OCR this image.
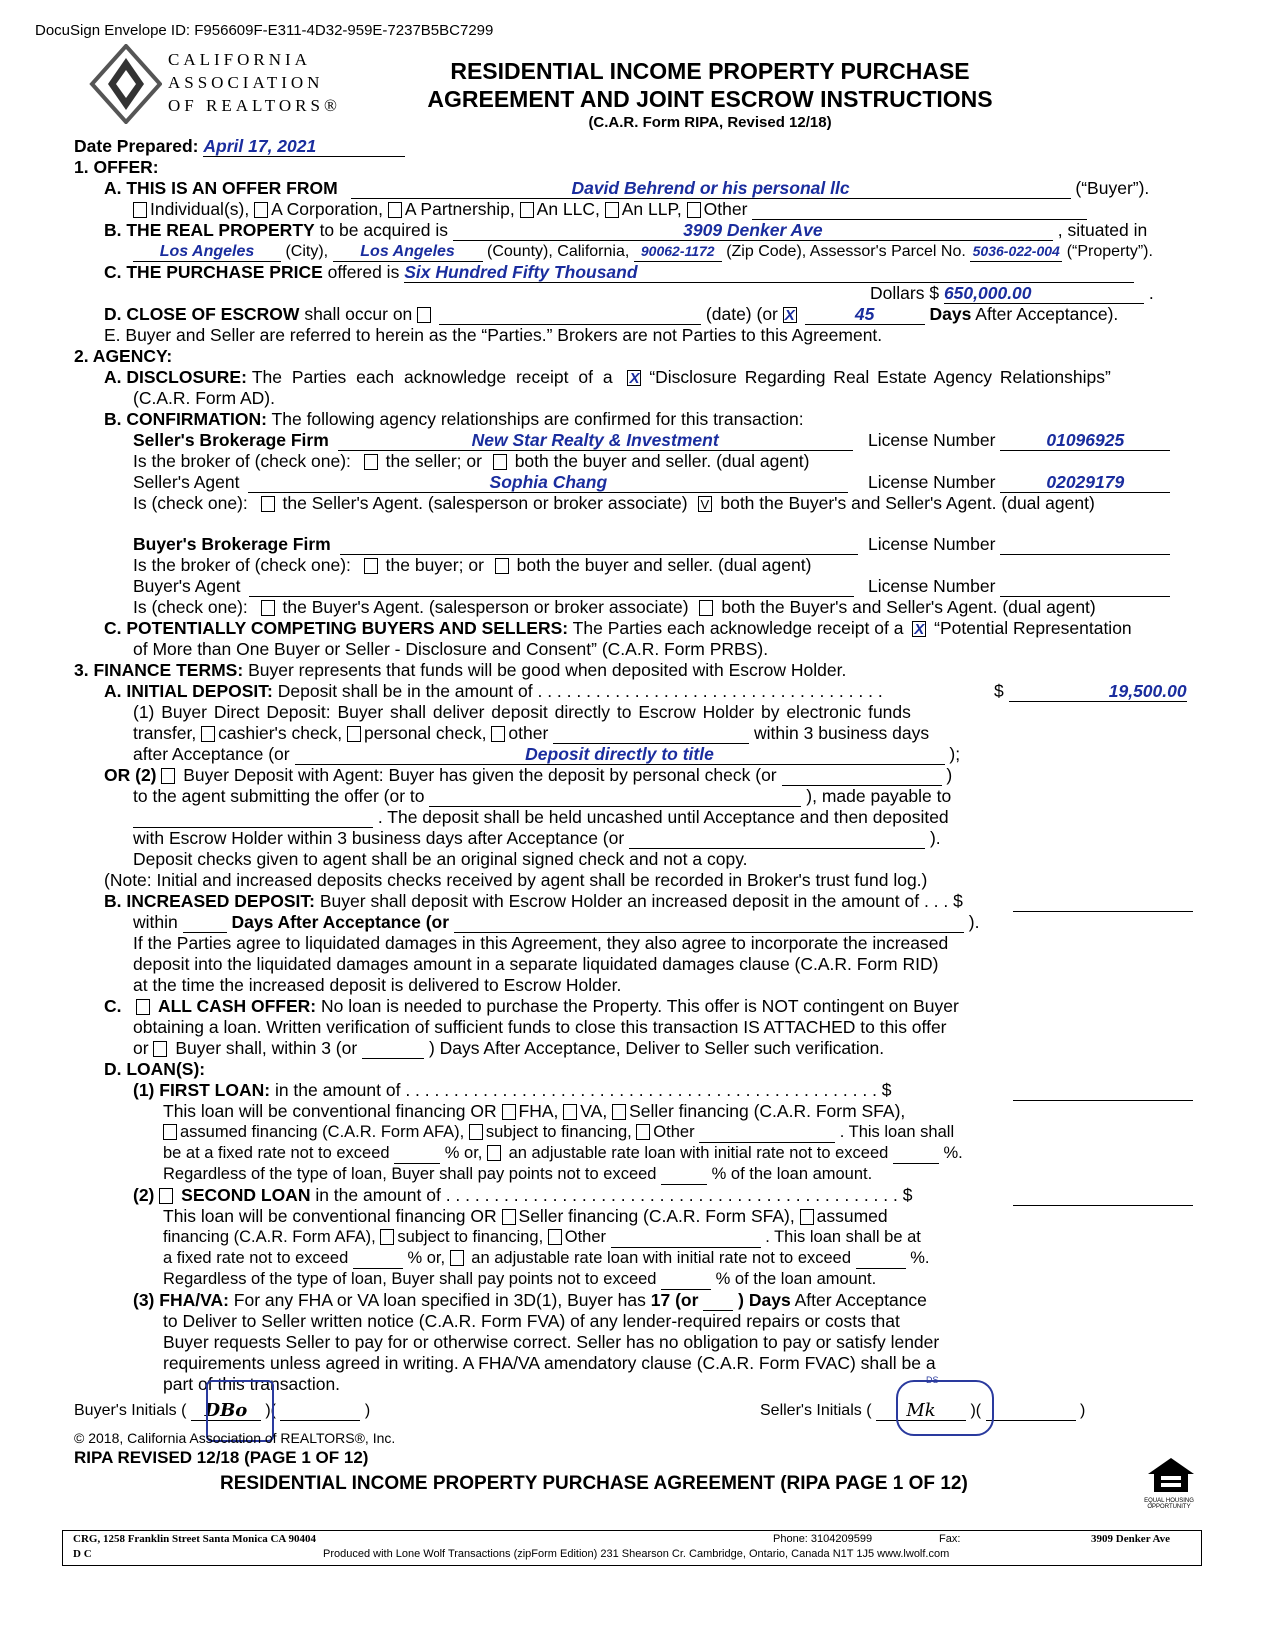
DocuSign Envelope ID: F956609F-E311-4D32-959E-7237B5BC7299
CALIFORNIA
ASSOCIATION
OF REALTORS®
RESIDENTIAL INCOME PROPERTY PURCHASE
AGREEMENT AND JOINT ESCROW INSTRUCTIONS
(C.A.R. Form RIPA, Revised 12/18)
Date Prepared: April 17, 2021
1. OFFER:
A. THIS IS AN OFFER FROM	David Behrend or his personal llc	(“Buyer”).
Individual(s), A Corporation, A Partnership, An LLC, An LLP, Other
B. THE REAL PROPERTY to be acquired is	3909 Denker Ave	, situated in
Los Angeles (City), Los Angeles (County), California, 90062-1172 (Zip Code), Assessor's Parcel No. 5036-022-004 (“Property”).
C. THE PURCHASE PRICE offered is Six Hundred Fifty Thousand
Dollars $ 650,000.00	.
D. CLOSE OF ESCROW shall occur on	(date) (or X	45	Days After Acceptance).
E. Buyer and Seller are referred to herein as the “Parties.” Brokers are not Parties to this Agreement.
2. AGENCY:
A. DISCLOSURE: The Parties each acknowledge receipt of a X “Disclosure Regarding Real Estate Agency Relationships”
(C.A.R. Form AD).
B. CONFIRMATION: The following agency relationships are confirmed for this transaction:
Seller's Brokerage Firm	New Star Realty & Investment	License Number	01096925
Is the broker of (check one): the seller; or both the buyer and seller. (dual agent)
Seller's Agent	Sophia Chang	License Number	02029179
Is (check one): the Seller's Agent. (salesperson or broker associate) V both the Buyer's and Seller's Agent. (dual agent)
Buyer's Brokerage Firm	License Number
Is the broker of (check one): the buyer; or both the buyer and seller. (dual agent)
Buyer's Agent	License Number
Is (check one): the Buyer's Agent. (salesperson or broker associate) both the Buyer's and Seller's Agent. (dual agent)
C. POTENTIALLY COMPETING BUYERS AND SELLERS: The Parties each acknowledge receipt of a X “Potential Representation
of More than One Buyer or Seller - Disclosure and Consent” (C.A.R. Form PRBS).
3. FINANCE TERMS: Buyer represents that funds will be good when deposited with Escrow Holder.
A. INITIAL DEPOSIT: Deposit shall be in the amount of . . . . . . . . . . . . . . . . . . . . . . . . . . . . . . . . . . . .	$	19,500.00
(1) Buyer Direct Deposit: Buyer shall deliver deposit directly to Escrow Holder by electronic funds
transfer, cashier's check, personal check, other	within 3 business days
after Acceptance (or	Deposit directly to title	);
OR (2) Buyer Deposit with Agent: Buyer has given the deposit by personal check (or	)
to the agent submitting the offer (or to	), made payable to
. The deposit shall be held uncashed until Acceptance and then deposited
with Escrow Holder within 3 business days after Acceptance (or	).
Deposit checks given to agent shall be an original signed check and not a copy.
(Note: Initial and increased deposits checks received by agent shall be recorded in Broker's trust fund log.)
B. INCREASED DEPOSIT: Buyer shall deposit with Escrow Holder an increased deposit in the amount of . . . $
within	Days After Acceptance (or	).
If the Parties agree to liquidated damages in this Agreement, they also agree to incorporate the increased
deposit into the liquidated damages amount in a separate liquidated damages clause (C.A.R. Form RID)
at the time the increased deposit is delivered to Escrow Holder.
C.    ALL CASH OFFER: No loan is needed to purchase the Property. This offer is NOT contingent on Buyer
obtaining a loan. Written verification of sufficient funds to close this transaction IS ATTACHED to this offer
or Buyer shall, within 3 (or	) Days After Acceptance, Deliver to Seller such verification.
D. LOAN(S):
(1) FIRST LOAN: in the amount of . . . . . . . . . . . . . . . . . . . . . . . . . . . . . . . . . . . . . . . . . . . . . . . . . $
This loan will be conventional financing OR FHA, VA, Seller financing (C.A.R. Form SFA),
assumed financing (C.A.R. Form AFA), subject to financing, Other	. This loan shall
be at a fixed rate not to exceed	% or, an adjustable rate loan with initial rate not to exceed	%.
Regardless of the type of loan, Buyer shall pay points not to exceed	% of the loan amount.
(2) SECOND LOAN in the amount of . . . . . . . . . . . . . . . . . . . . . . . . . . . . . . . . . . . . . . . . . . . . . . . $
This loan will be conventional financing OR Seller financing (C.A.R. Form SFA), assumed
financing (C.A.R. Form AFA), subject to financing, Other	. This loan shall be at
a fixed rate not to exceed	% or, an adjustable rate loan with initial rate not to exceed	%.
Regardless of the type of loan, Buyer shall pay points not to exceed	% of the loan amount.
(3) FHA/VA: For any FHA or VA loan specified in 3D(1), Buyer has 17 (or ) Days After Acceptance
to Deliver to Seller written notice (C.A.R. Form FVA) of any lender-required repairs or costs that
Buyer requests Seller to pay for or otherwise correct. Seller has no obligation to pay or satisfy lender
requirements unless agreed in writing. A FHA/VA amendatory clause (C.A.R. Form FVAC) shall be a
part of this transaction.
Buyer's Initials ( DBo )(	)	Seller's Initials ( Mk )(	)
DS
© 2018, California Association of REALTORS®, Inc.
RIPA REVISED 12/18 (PAGE 1 OF 12)
RESIDENTIAL INCOME PROPERTY PURCHASE AGREEMENT (RIPA PAGE 1 OF 12)
EQUAL HOUSING OPPORTUNITY
CRG, 1258 Franklin Street Santa Monica CA 90404
D C
Phone: 3104209599	Fax:	3909 Denker Ave
Produced with Lone Wolf Transactions (zipForm Edition) 231 Shearson Cr. Cambridge, Ontario, Canada N1T 1J5 www.lwolf.com
